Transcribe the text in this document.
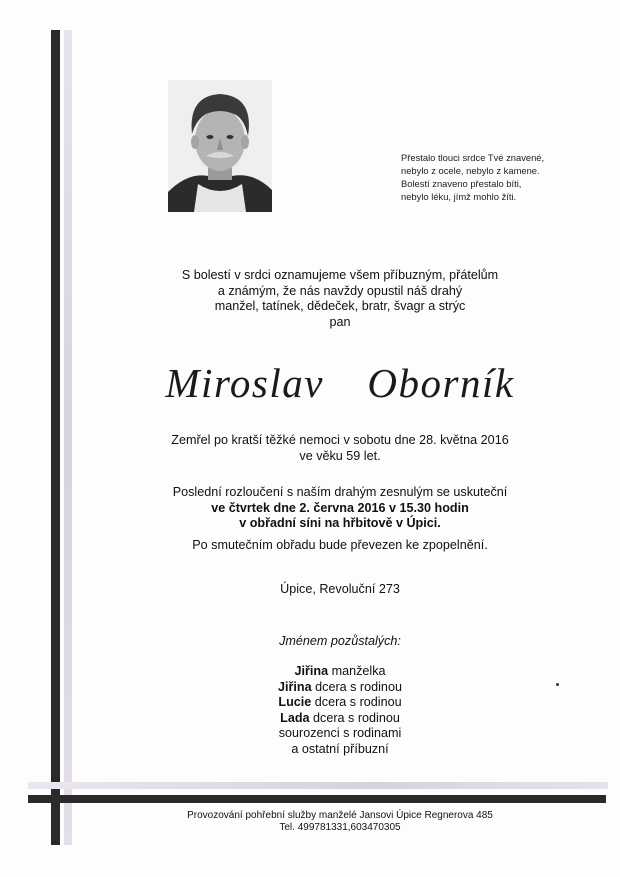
Přestalo tlouci srdce Tvé znavené,
nebylo z ocele, nebylo z kamene.
Bolestí znaveno přestalo bíti,
nebylo léku, jímž mohlo žíti.
S bolestí v srdci oznamujeme všem příbuzným, přátelům
a známým, že nás navždy opustil náš drahý
manžel, tatínek, dědeček, bratr, švagr a strýc
pan
Miroslav  Oborník
Zemřel po kratší těžké nemoci v sobotu dne 28. května 2016
ve věku 59 let.
Poslední rozloučení s naším drahým zesnulým se uskuteční
ve čtvrtek dne 2. června 2016 v 15.30 hodin
v obřadní síni na hřbitově v Úpici.
Po smutečním obřadu bude převezen ke zpopelnění.
Úpice, Revoluční 273
Jménem pozůstalých:
Jiřina manželka
Jiřina dcera s rodinou
Lucie dcera s rodinou
Lada dcera s rodinou
sourozenci s rodinami
a ostatní příbuzní
Provozování pohřební služby manželé Jansovi Úpice Regnerova 485
Tel. 499781331,603470305
